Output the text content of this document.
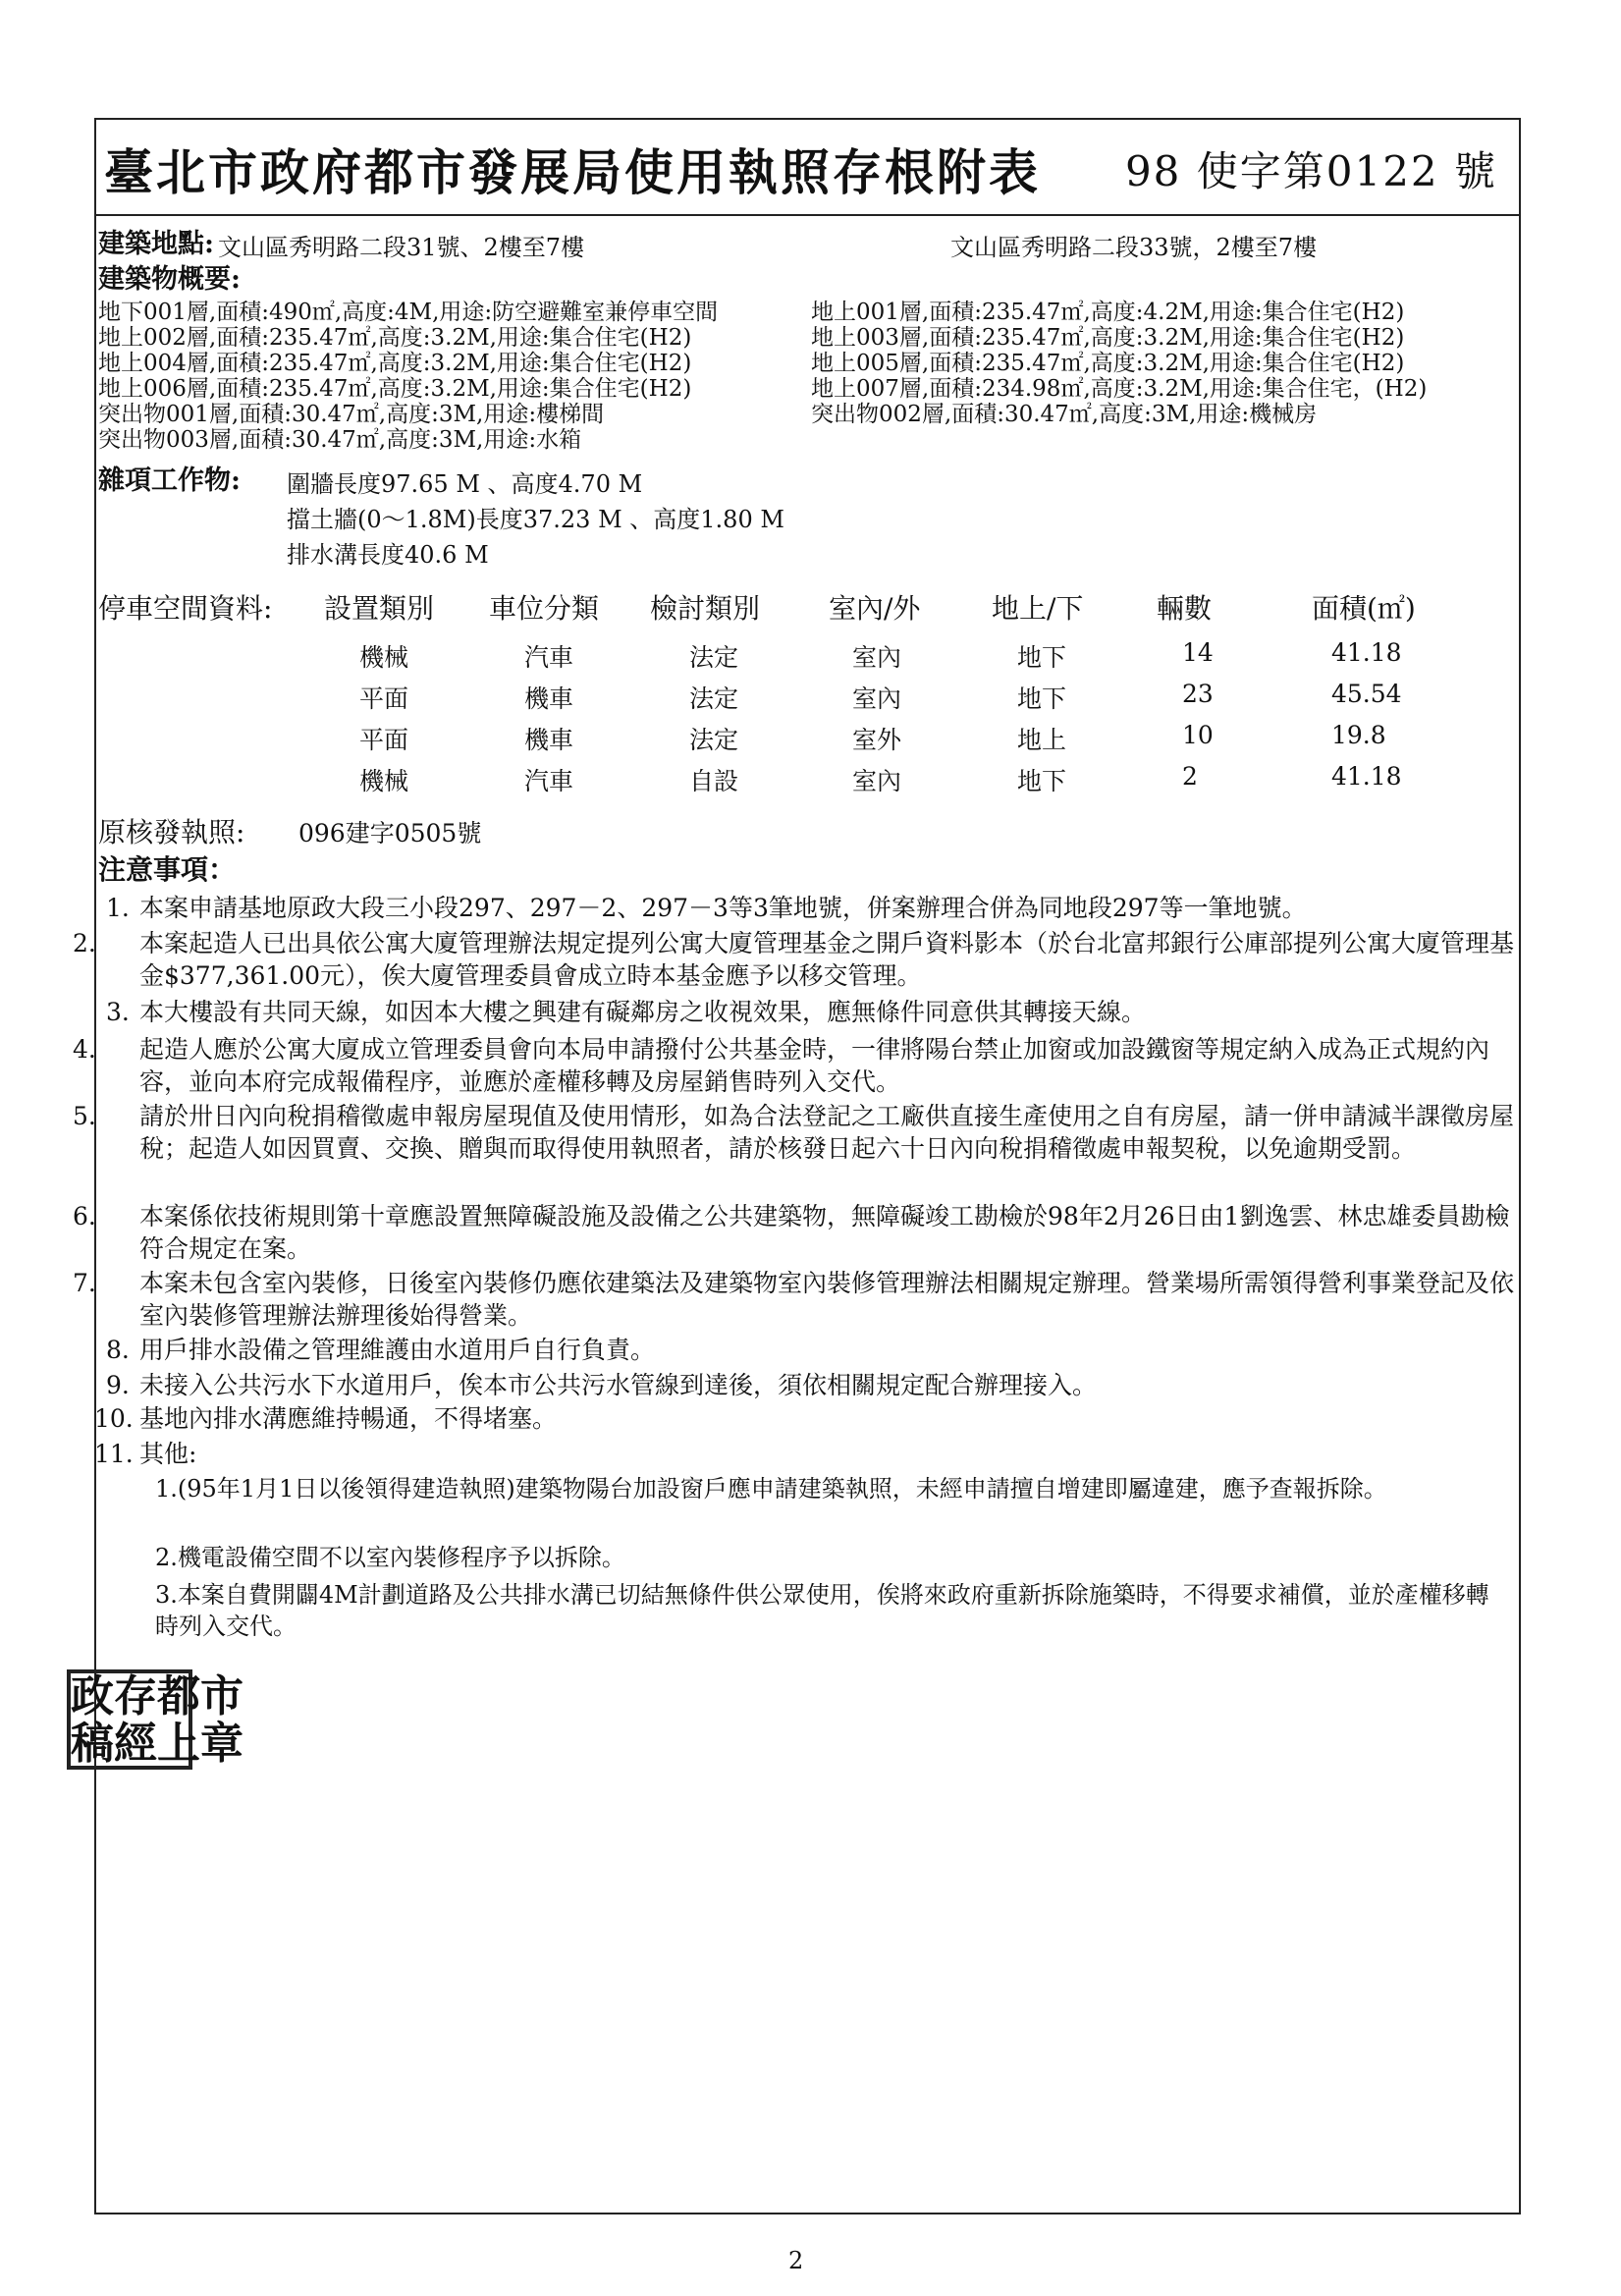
臺北市政府都市發展局使用執照存根附表 98 使字第0122 號
建築地點: 文山區秀明路二段31號、2樓至7樓	文山區秀明路二段33號，2樓至7樓
建築物概要:
地下001層,面積:490㎡,高度:4M,用途:防空避難室兼停車空間
地上002層,面積:235.47㎡,高度:3.2M,用途:集合住宅(H2)
地上004層,面積:235.47㎡,高度:3.2M,用途:集合住宅(H2)
地上006層,面積:235.47㎡,高度:3.2M,用途:集合住宅(H2)
突出物001層,面積:30.47㎡,高度:3M,用途:樓梯間
突出物003層,面積:30.47㎡,高度:3M,用途:水箱
地上001層,面積:235.47㎡,高度:4.2M,用途:集合住宅(H2)
地上003層,面積:235.47㎡,高度:3.2M,用途:集合住宅(H2)
地上005層,面積:235.47㎡,高度:3.2M,用途:集合住宅(H2)
地上007層,面積:234.98㎡,高度:3.2M,用途:集合住宅，(H2)
突出物002層,面積:30.47㎡,高度:3M,用途:機械房
雜項工作物: 圍牆長度97.65 M 、高度4.70 M
擋土牆(0～1.8M)長度37.23 M 、高度1.80 M
排水溝長度40.6 M
停車空間資料: 設置類別 車位分類 檢討類別 室內/外	地上/下	輛數	面積(㎡)
機械	汽車	法定	室內	地下	14	41.18
平面	機車	法定	室內	地下	23	45.54
平面	機車	法定	室外	地上	10	19.8
機械	汽車	自設	室內	地下	2	41.18
原核發執照: 096建字0505號
注意事項：
1. 本案申請基地原政大段三小段297、297－2、297－3等3筆地號，併案辦理合併為同地段297等一筆地號。
2. 本案起造人已出具依公寓大廈管理辦法規定提列公寓大廈管理基金之開戶資料影本（於台北富邦銀行公庫部提列公寓大廈管理基金$377,361.00元），俟大廈管理委員會成立時本基金應予以移交管理。
3. 本大樓設有共同天線，如因本大樓之興建有礙鄰房之收視效果，應無條件同意供其轉接天線。
4. 起造人應於公寓大廈成立管理委員會向本局申請撥付公共基金時，一律將陽台禁止加窗或加設鐵窗等規定納入成為正式規約內容，並向本府完成報備程序，並應於產權移轉及房屋銷售時列入交代。
5. 請於卅日內向稅捐稽徵處申報房屋現值及使用情形，如為合法登記之工廠供直接生產使用之自有房屋，請一併申請減半課徵房屋稅；起造人如因買賣、交換、贈與而取得使用執照者，請於核發日起六十日內向稅捐稽徵處申報契稅，以免逾期受罰。
6. 本案係依技術規則第十章應設置無障礙設施及設備之公共建築物，無障礙竣工勘檢於98年2月26日由1劉逸雲、林忠雄委員勘檢符合規定在案。
7. 本案未包含室內裝修，日後室內裝修仍應依建築法及建築物室內裝修管理辦法相關規定辦理。營業場所需領得營利事業登記及依室內裝修管理辦法辦理後始得營業。
8. 用戶排水設備之管理維護由水道用戶自行負責。
9. 未接入公共污水下水道用戶，俟本市公共污水管線到達後，須依相關規定配合辦理接入。
10. 基地內排水溝應維持暢通，不得堵塞。
11. 其他:
1.(95年1月1日以後領得建造執照)建築物陽台加設窗戶應申請建築執照，未經申請擅自增建即屬違建，應予查報拆除。
2.機電設備空間不以室內裝修程序予以拆除。
3.本案自費開闢4M計劃道路及公共排水溝已切結無條件供公眾使用，俟將來政府重新拆除施築時，不得要求補償，並於產權移轉時列入交代。
政 存 都 市
稿 經 上 章
2
